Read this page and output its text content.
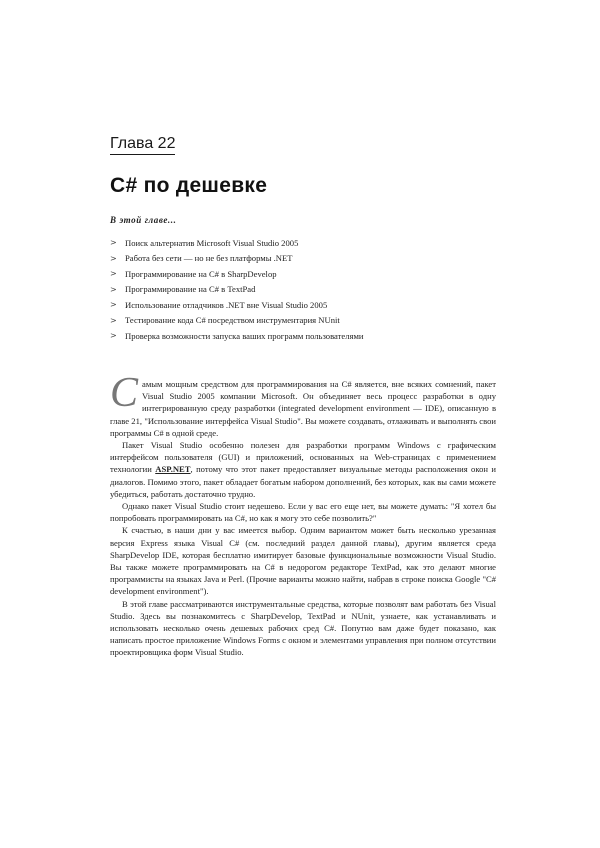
Глава 22
C# по дешевке
В этой главе...
> Поиск альтернатив Microsoft Visual Studio 2005
> Работа без сети — но не без платформы .NET
> Программирование на C# в SharpDevelop
> Программирование на C# в TextPad
> Использование отладчиков .NET вне Visual Studio 2005
> Тестирование кода C# посредством инструментария NUnit
> Проверка возможности запуска ваших программ пользователями

Самым мощным средством для программирования на C# является, вне всяких сомнений, пакет Visual Studio 2005 компании Microsoft. Он объединяет весь процесс разработки в одну интегрированную среду разработки (integrated development environment — IDE), описанную в главе 21, "Использование интерфейса Visual Studio". Вы можете создавать, отлаживать и выполнять свои программы C# в одной среде.

Пакет Visual Studio особенно полезен для разработки программ Windows с графическим интерфейсом пользователя (GUI) и приложений, основанных на Web-страницах с применением технологии ASP.NET, потому что этот пакет предоставляет визуальные методы расположения окон и диалогов. Помимо этого, пакет обладает богатым набором дополнений, без которых, как вы сами можете убедиться, работать достаточно трудно.

Однако пакет Visual Studio стоит недешево. Если у вас его еще нет, вы можете думать: "Я хотел бы попробовать программировать на C#, но как я могу это себе позволить?"

К счастью, в наши дни у вас имеется выбор. Одним вариантом может быть несколько урезанная версия Express языка Visual C# (см. последний раздел данной главы), другим является среда SharpDevelop IDE, которая бесплатно имитирует базовые функциональные возможности Visual Studio. Вы также можете программировать на C# в недорогом редакторе TextPad, как это делают многие программисты на языках Java и Perl. (Прочие варианты можно найти, набрав в строке поиска Google "C# development environment").

В этой главе рассматриваются инструментальные средства, которые позволят вам работать без Visual Studio. Здесь вы познакомитесь с SharpDevelop, TextPad и NUnit, узнаете, как устанавливать и использовать несколько очень дешевых рабочих сред C#. Попутно вам даже будет показано, как написать простое приложение Windows Forms с окном и элементами управления при полном отсутствии проектировщика форм Visual Studio.
